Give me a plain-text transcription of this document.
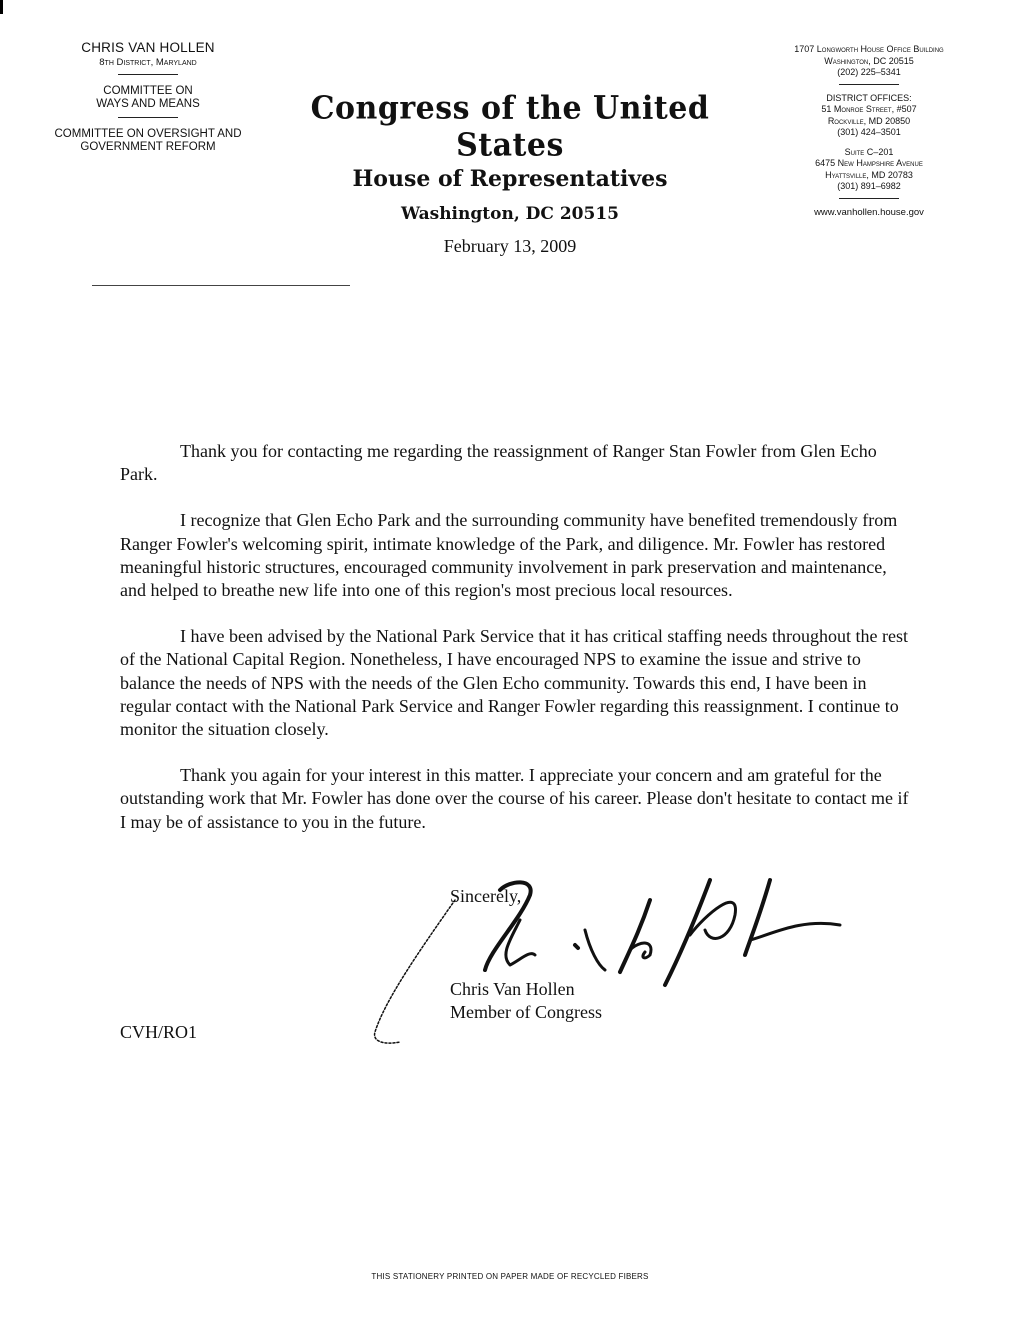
CHRIS VAN HOLLEN
8th District, Maryland
COMMITTEE ON
WAYS AND MEANS
COMMITTEE ON OVERSIGHT AND
GOVERNMENT REFORM
Congress of the United States
House of Representatives
Washington, DC 20515
February 13, 2009
1707 Longworth House Office Building
Washington, DC 20515
(202) 225–5341
DISTRICT OFFICES:
51 Monroe Street, #507
Rockville, MD 20850
(301) 424–3501
Suite C–201
6475 New Hampshire Avenue
Hyattsville, MD 20783
(301) 891–6982
www.vanhollen.house.gov

Thank you for contacting me regarding the reassignment of Ranger Stan Fowler from Glen Echo Park.

I recognize that Glen Echo Park and the surrounding community have benefited tremendously from Ranger Fowler's welcoming spirit, intimate knowledge of the Park, and diligence. Mr. Fowler has restored meaningful historic structures, encouraged community involvement in park preservation and maintenance, and helped to breathe new life into one of this region's most precious local resources.

I have been advised by the National Park Service that it has critical staffing needs throughout the rest of the National Capital Region. Nonetheless, I have encouraged NPS to examine the issue and strive to balance the needs of NPS with the needs of the Glen Echo community. Towards this end, I have been in regular contact with the National Park Service and Ranger Fowler regarding this reassignment. I continue to monitor the situation closely.

Thank you again for your interest in this matter. I appreciate your concern and am grateful for the outstanding work that Mr. Fowler has done over the course of his career. Please don't hesitate to contact me if I may be of assistance to you in the future.

Sincerely,
Chris Van Hollen
Member of Congress
CVH/RO1
THIS STATIONERY PRINTED ON PAPER MADE OF RECYCLED FIBERS
